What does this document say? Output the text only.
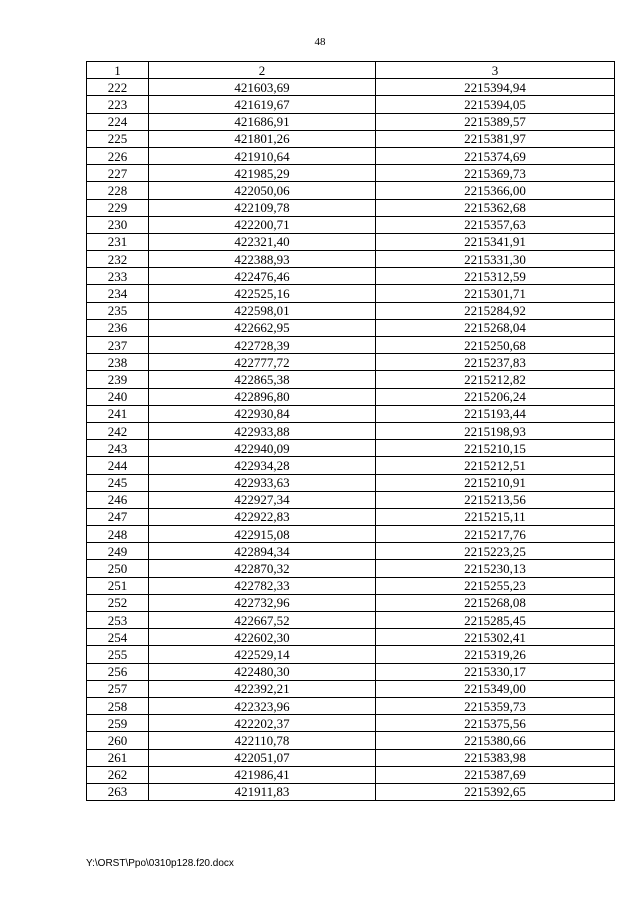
48
1	2	3
222	421603,69	2215394,94
223	421619,67	2215394,05
224	421686,91	2215389,57
225	421801,26	2215381,97
226	421910,64	2215374,69
227	421985,29	2215369,73
228	422050,06	2215366,00
229	422109,78	2215362,68
230	422200,71	2215357,63
231	422321,40	2215341,91
232	422388,93	2215331,30
233	422476,46	2215312,59
234	422525,16	2215301,71
235	422598,01	2215284,92
236	422662,95	2215268,04
237	422728,39	2215250,68
238	422777,72	2215237,83
239	422865,38	2215212,82
240	422896,80	2215206,24
241	422930,84	2215193,44
242	422933,88	2215198,93
243	422940,09	2215210,15
244	422934,28	2215212,51
245	422933,63	2215210,91
246	422927,34	2215213,56
247	422922,83	2215215,11
248	422915,08	2215217,76
249	422894,34	2215223,25
250	422870,32	2215230,13
251	422782,33	2215255,23
252	422732,96	2215268,08
253	422667,52	2215285,45
254	422602,30	2215302,41
255	422529,14	2215319,26
256	422480,30	2215330,17
257	422392,21	2215349,00
258	422323,96	2215359,73
259	422202,37	2215375,56
260	422110,78	2215380,66
261	422051,07	2215383,98
262	421986,41	2215387,69
263	421911,83	2215392,65
Y:\ORST\Ppo\0310p128.f20.docx
